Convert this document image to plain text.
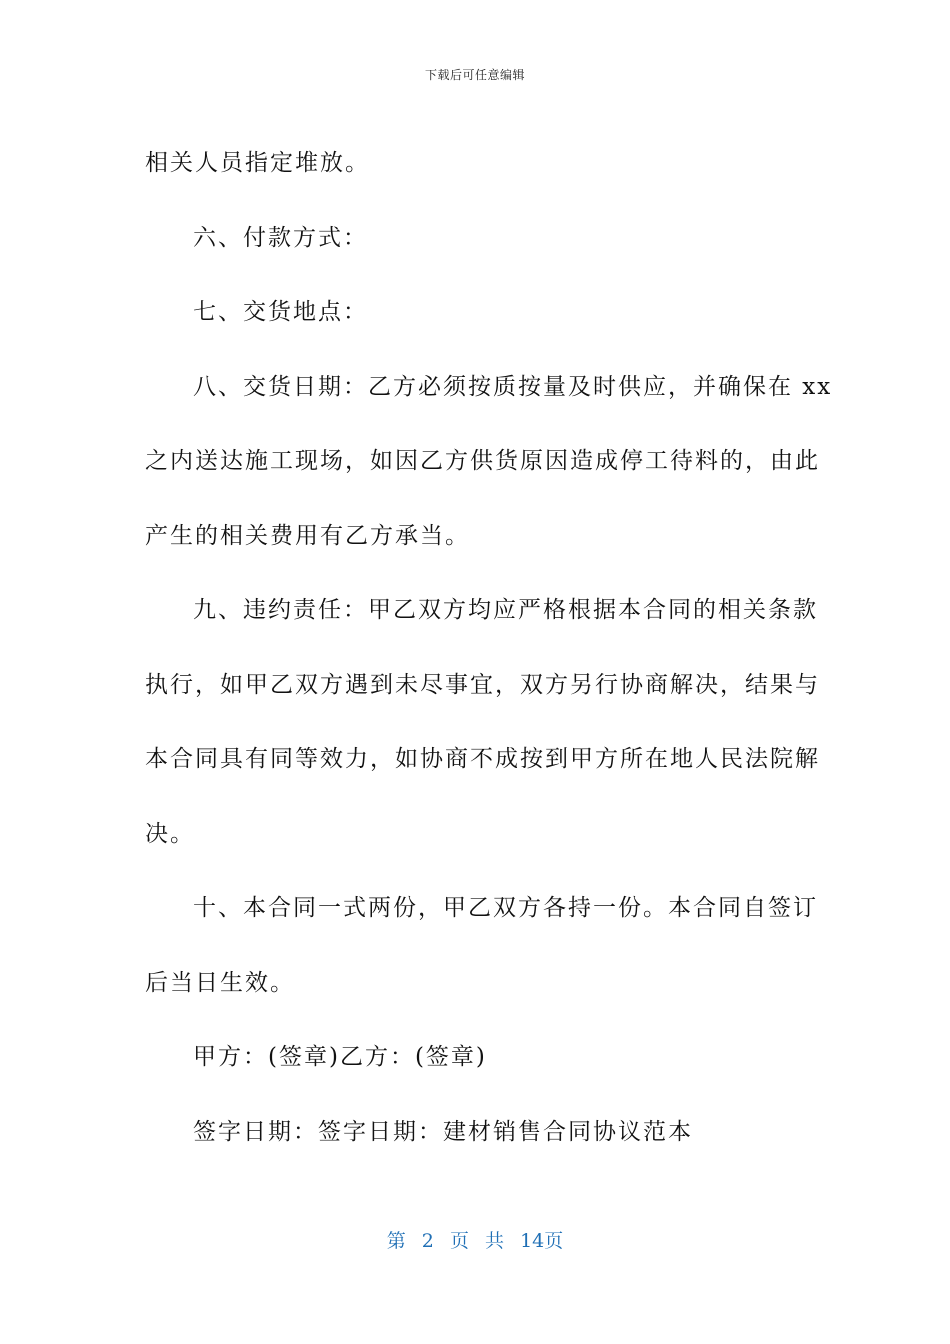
下载后可任意编辑
相关人员指定堆放。
六、付款方式：
七、交货地点：
八、交货日期：乙方必须按质按量及时供应，并确保在 xx
之内送达施工现场，如因乙方供货原因造成停工待料的，由此
产生的相关费用有乙方承当。
九、违约责任：甲乙双方均应严格根据本合同的相关条款
执行，如甲乙双方遇到未尽事宜，双方另行协商解决，结果与
本合同具有同等效力，如协商不成按到甲方所在地人民法院解
决。
十、本合同一式两份，甲乙双方各持一份。本合同自签订
后当日生效。
甲方：(签章)乙方：(签章)
签字日期：签字日期：建材销售合同协议范本
第 2 页 共 14页
